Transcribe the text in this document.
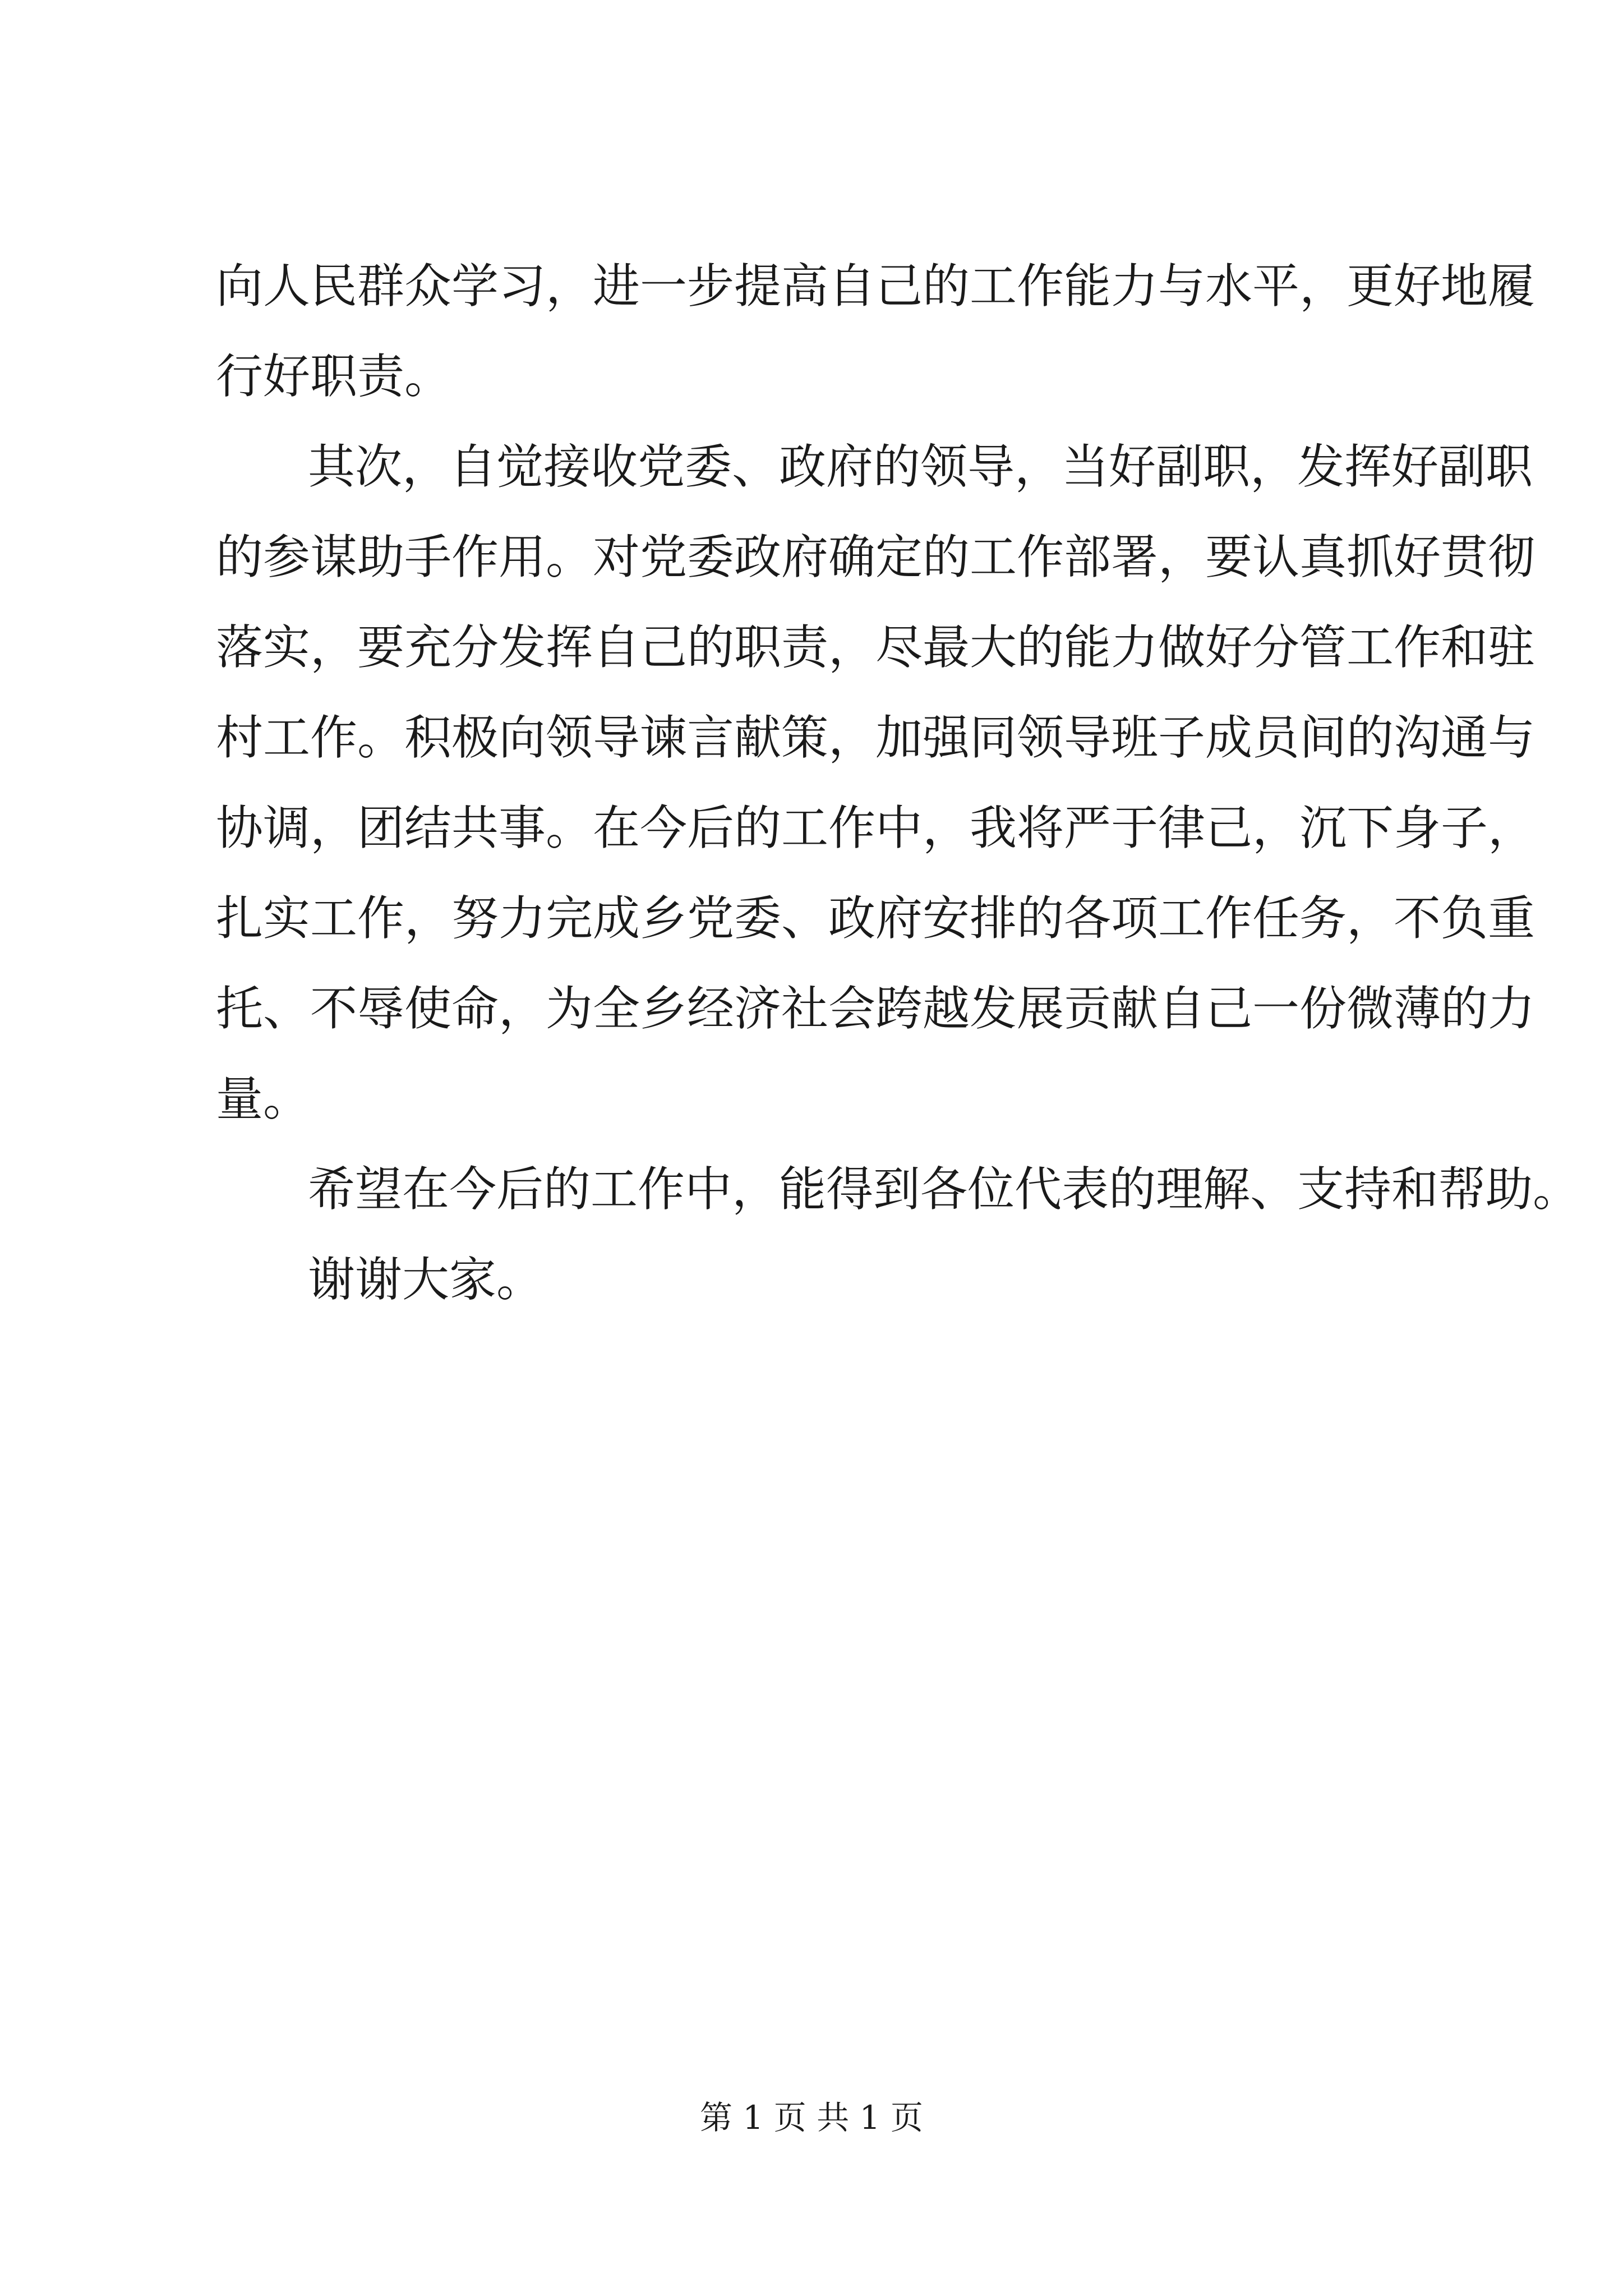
向人民群众学习，进一步提高自己的工作能力与水平，更好地履
行好职责。
其次，自觉接收党委、政府的领导，当好副职，发挥好副职
的参谋助手作用。对党委政府确定的工作部署，要认真抓好贯彻
落实，要充分发挥自己的职责，尽最大的能力做好分管工作和驻
村工作。积极向领导谏言献策，加强同领导班子成员间的沟通与
协调，团结共事。在今后的工作中，我将严于律己，沉下身子，
扎实工作，努力完成乡党委、政府安排的各项工作任务，不负重
托、不辱使命，为全乡经济社会跨越发展贡献自己一份微薄的力
量。
希望在今后的工作中，能得到各位代表的理解、支持和帮助。
谢谢大家。
第 1 页 共 1 页
